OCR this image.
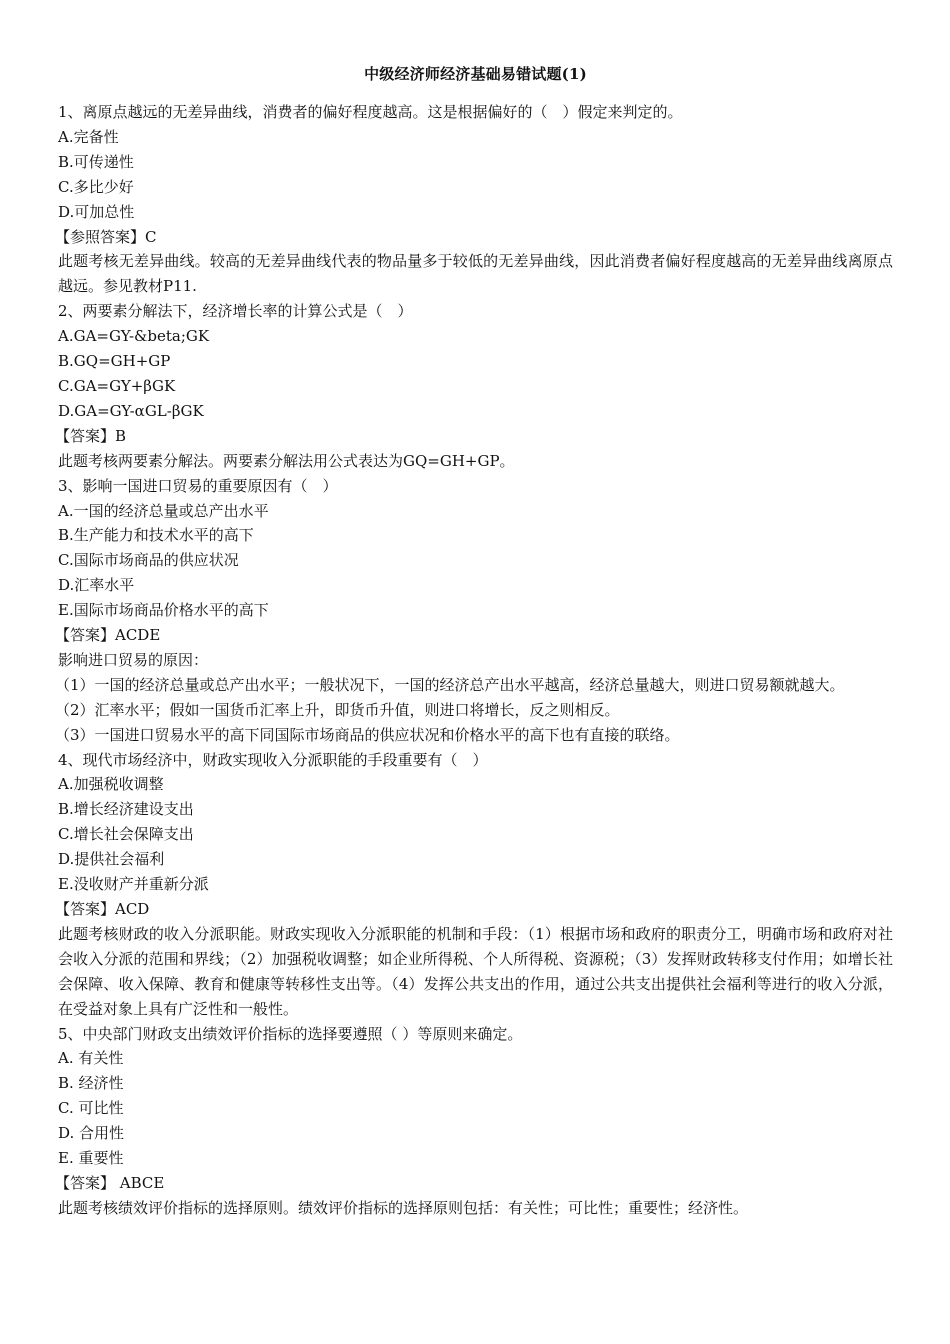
中级经济师经济基础易错试题(1)

1、离原点越远的无差异曲线，消费者的偏好程度越高。这是根据偏好的（　）假定来判定的。

A.完备性

B.可传递性

C.多比少好

D.可加总性

【参照答案】C

此题考核无差异曲线。较高的无差异曲线代表的物品量多于较低的无差异曲线，因此消费者偏好程度越高的无差异曲线离原点越远。参见教材P11.

2、两要素分解法下，经济增长率的计算公式是（　）

A.GA=GY-&beta;GK

B.GQ=GH+GP

C.GA=GY+βGK

D.GA=GY-αGL-βGK

【答案】B

此题考核两要素分解法。两要素分解法用公式表达为GQ=GH+GP。

3、影响一国进口贸易的重要原因有（　）

A.一国的经济总量或总产出水平

B.生产能力和技术水平的高下

C.国际市场商品的供应状况

D.汇率水平

E.国际市场商品价格水平的高下

【答案】ACDE

影响进口贸易的原因：

（1）一国的经济总量或总产出水平；一般状况下，一国的经济总产出水平越高，经济总量越大，则进口贸易额就越大。

（2）汇率水平；假如一国货币汇率上升，即货币升值，则进口将增长，反之则相反。

（3）一国进口贸易水平的高下同国际市场商品的供应状况和价格水平的高下也有直接的联络。

4、现代市场经济中，财政实现收入分派职能的手段重要有（　）

A.加强税收调整

B.增长经济建设支出

C.增长社会保障支出

D.提供社会福利

E.没收财产并重新分派

【答案】ACD

此题考核财政的收入分派职能。财政实现收入分派职能的机制和手段：（1）根据市场和政府的职责分工，明确市场和政府对社会收入分派的范围和界线；（2）加强税收调整；如企业所得税、个人所得税、资源税；（3）发挥财政转移支付作用；如增长社会保障、收入保障、教育和健康等转移性支出等。（4）发挥公共支出的作用，通过公共支出提供社会福利等进行的收入分派，在受益对象上具有广泛性和一般性。

5、中央部门财政支出绩效评价指标的选择要遵照（ ）等原则来确定。

A. 有关性

B. 经济性

C. 可比性

D. 合用性

E. 重要性

【答案】 ABCE

此题考核绩效评价指标的选择原则。绩效评价指标的选择原则包括：有关性；可比性；重要性；经济性。
